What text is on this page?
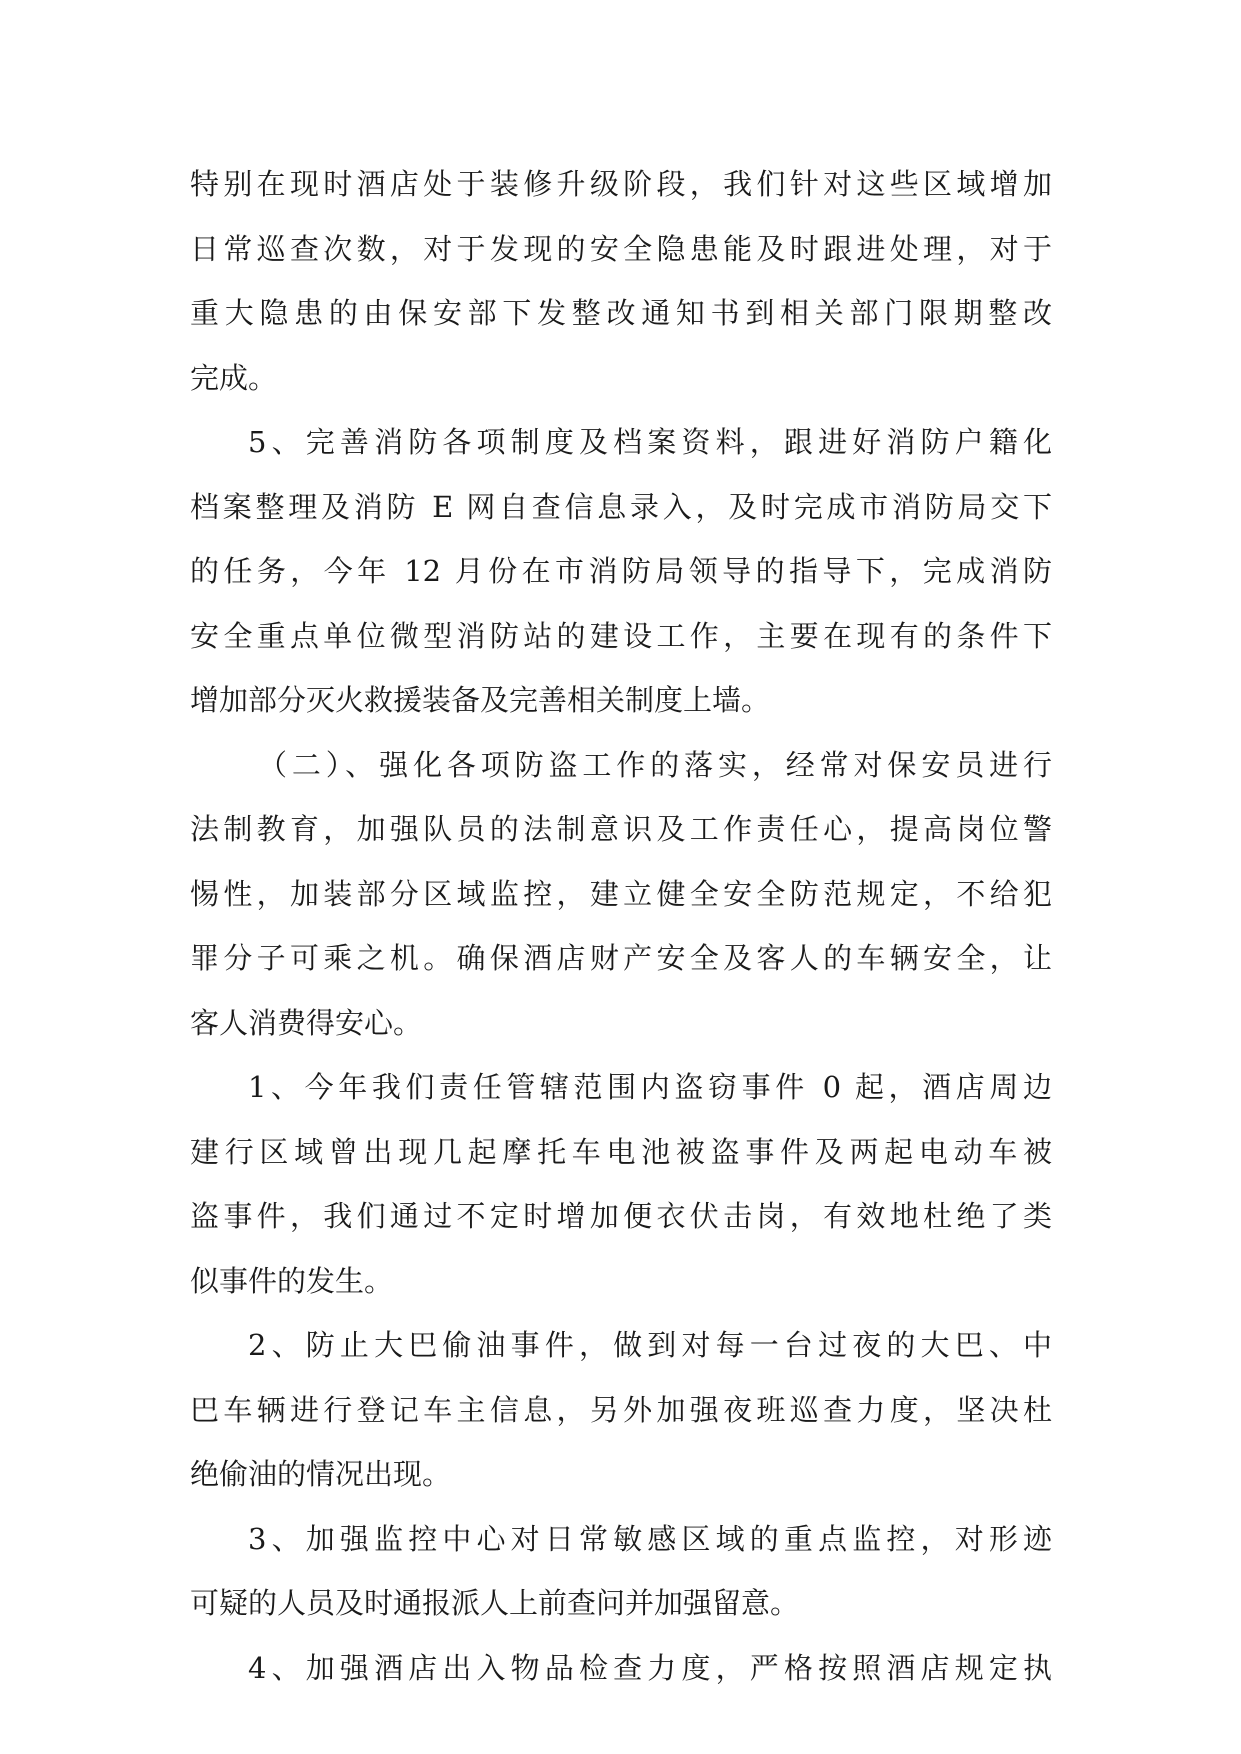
特别在现时酒店处于装修升级阶段，我们针对这些区域增加
日常巡查次数，对于发现的安全隐患能及时跟进处理，对于
重大隐患的由保安部下发整改通知书到相关部门限期整改
完成。
5、完善消防各项制度及档案资料，跟进好消防户籍化
档案整理及消防 E 网自查信息录入，及时完成市消防局交下
的任务，今年 12 月份在市消防局领导的指导下，完成消防
安全重点单位微型消防站的建设工作，主要在现有的条件下
增加部分灭火救援装备及完善相关制度上墙。
（二）、强化各项防盗工作的落实，经常对保安员进行
法制教育，加强队员的法制意识及工作责任心，提高岗位警
惕性，加装部分区域监控，建立健全安全防范规定，不给犯
罪分子可乘之机。确保酒店财产安全及客人的车辆安全，让
客人消费得安心。
1、今年我们责任管辖范围内盗窃事件 0 起，酒店周边
建行区域曾出现几起摩托车电池被盗事件及两起电动车被
盗事件，我们通过不定时增加便衣伏击岗，有效地杜绝了类
似事件的发生。
2、防止大巴偷油事件，做到对每一台过夜的大巴、中
巴车辆进行登记车主信息，另外加强夜班巡查力度，坚决杜
绝偷油的情况出现。
3、加强监控中心对日常敏感区域的重点监控，对形迹
可疑的人员及时通报派人上前查问并加强留意。
4、加强酒店出入物品检查力度，严格按照酒店规定执
